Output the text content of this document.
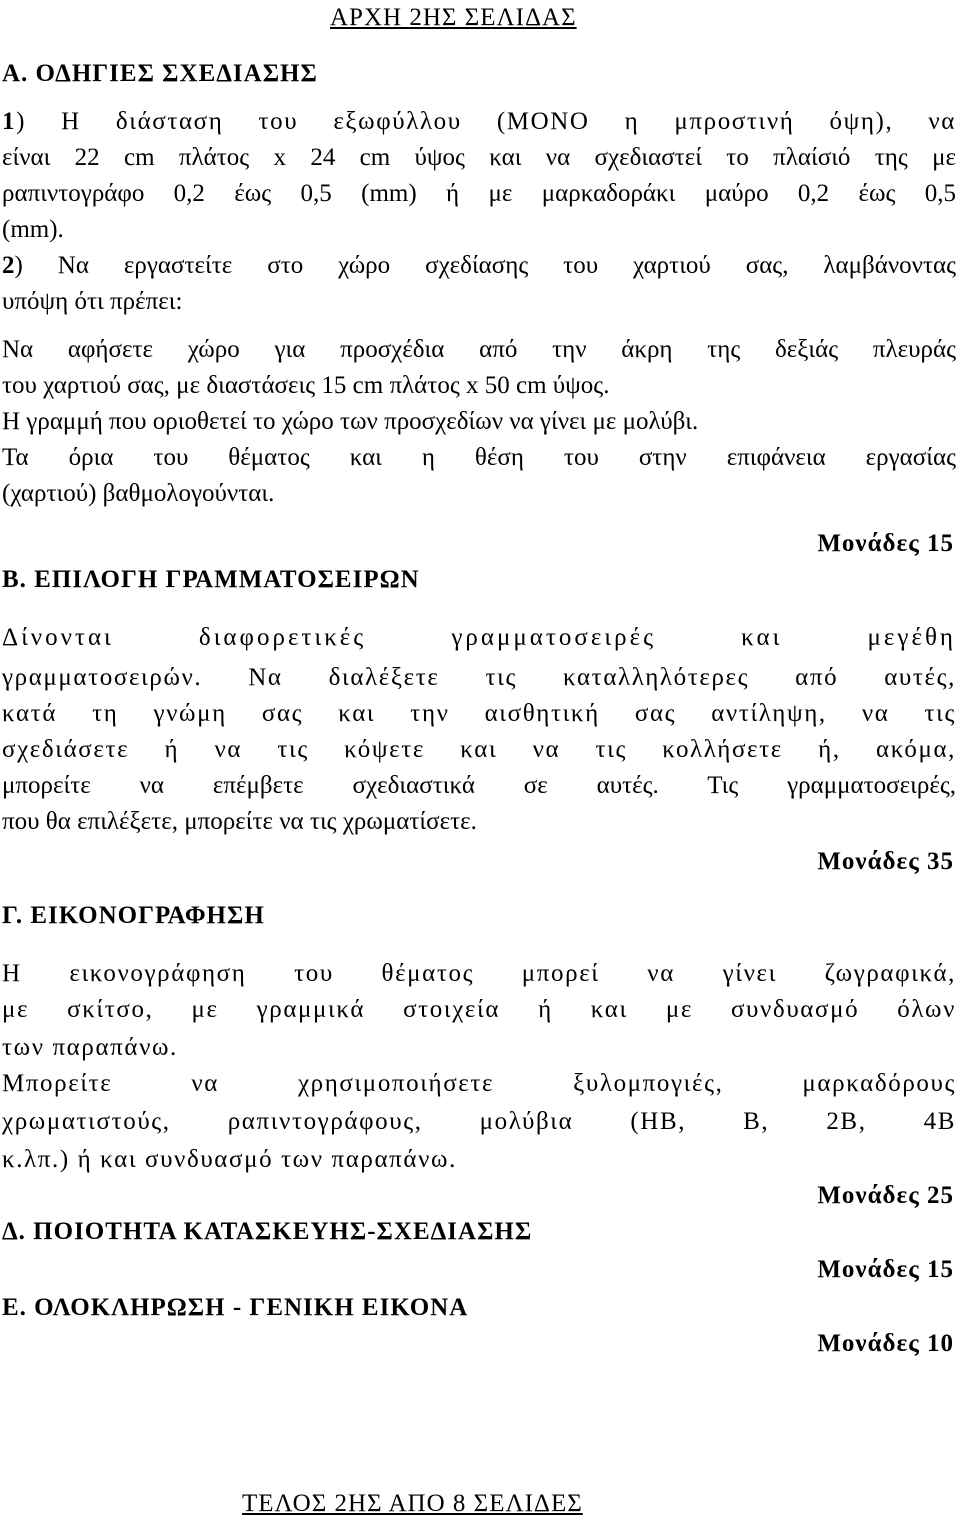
ΑΡΧΗ 2ΗΣ ΣΕΛΙΔΑΣ
Α. ΟΔΗΓΙΕΣ ΣΧΕΔΙΑΣΗΣ
1) Η διάσταση του εξωφύλλου (ΜΟΝΟ η μπροστινή όψη), να
είναι 22 cm πλάτος x 24 cm ύψος και να σχεδιαστεί το πλαίσιό της με
ραπιντογράφο 0,2 έως 0,5 (mm) ή με μαρκαδοράκι μαύρο 0,2 έως 0,5
(mm).
2) Να εργαστείτε στο χώρο σχεδίασης του χαρτιού σας, λαμβάνοντας
υπόψη ότι πρέπει:
Να αφήσετε χώρο για προσχέδια από την άκρη της δεξιάς πλευράς
του χαρτιού σας, με διαστάσεις 15 cm πλάτος x 50 cm ύψος.
Η γραμμή που οριοθετεί το χώρο των προσχεδίων να γίνει με μολύβι.
Τα όρια του θέματος και η θέση του στην επιφάνεια εργασίας
(χαρτιού) βαθμολογούνται.
Μονάδες 15
Β. ΕΠΙΛΟΓΗ ΓΡΑΜΜΑΤΟΣΕΙΡΩΝ
Δίνονται διαφορετικές γραμματοσειρές και μεγέθη
γραμματοσειρών. Να διαλέξετε τις καταλληλότερες από αυτές,
κατά τη γνώμη σας και την αισθητική σας αντίληψη, να τις
σχεδιάσετε ή να τις κόψετε και να τις κολλήσετε ή, ακόμα,
μπορείτε να επέμβετε σχεδιαστικά σε αυτές. Τις γραμματοσειρές,
που θα επιλέξετε, μπορείτε να τις χρωματίσετε.
Μονάδες 35
Γ. ΕΙΚΟΝΟΓΡΑΦΗΣΗ
Η εικονογράφηση του θέματος μπορεί να γίνει ζωγραφικά,
με σκίτσο, με γραμμικά στοιχεία ή και με συνδυασμό όλων
των παραπάνω.
Μπορείτε να χρησιμοποιήσετε ξυλομπογιές, μαρκαδόρους
χρωματιστούς, ραπιντογράφους, μολύβια (HB, B, 2B, 4B
κ.λπ.) ή και συνδυασμό των παραπάνω.
Μονάδες 25
Δ. ΠΟΙΟΤΗΤΑ ΚΑΤΑΣΚΕΥΗΣ-ΣΧΕΔΙΑΣΗΣ
Μονάδες 15
Ε. ΟΛΟΚΛΗΡΩΣΗ - ΓΕΝΙΚΗ ΕΙΚΟΝΑ
Μονάδες 10
ΤΕΛΟΣ 2ΗΣ ΑΠΟ 8 ΣΕΛΙΔΕΣ
